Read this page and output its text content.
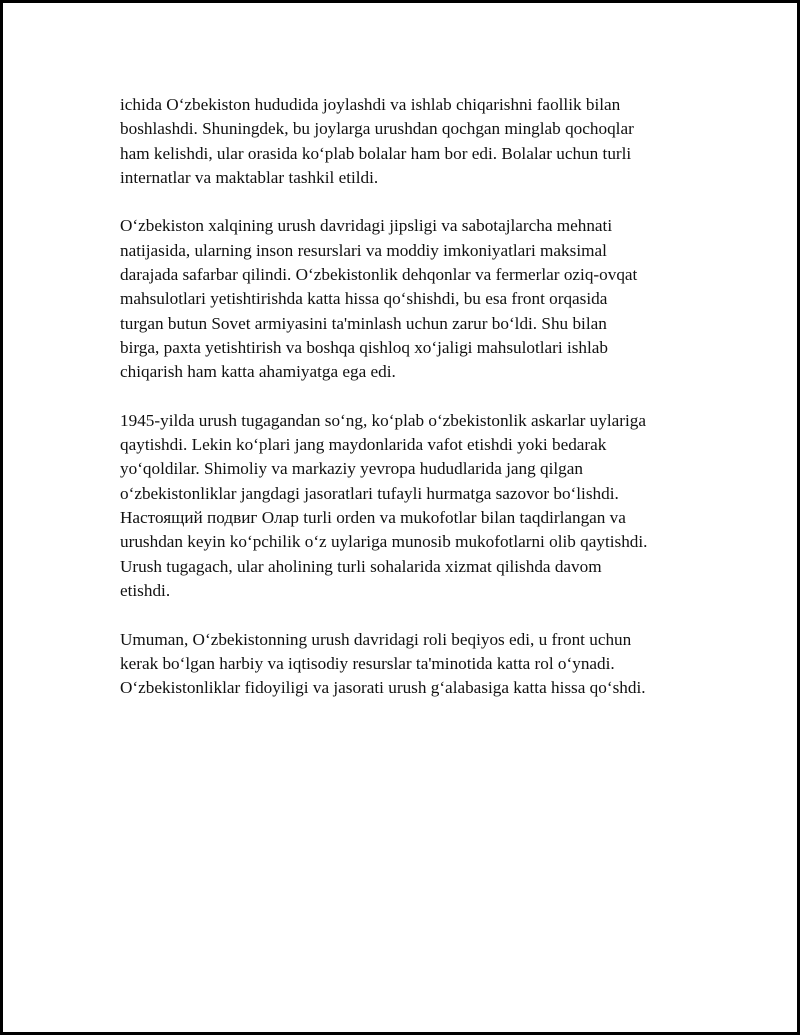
ichida O‘zbekiston hududida joylashdi va ishlab chiqarishni faollik bilan
boshlashdi. Shuningdek, bu joylarga urushdan qochgan minglab qochoqlar
ham kelishdi, ular orasida ko‘plab bolalar ham bor edi. Bolalar uchun turli
internatlar va maktablar tashkil etildi.

O‘zbekiston xalqining urush davridagi jipsligi va sabotajlarcha mehnati
natijasida, ularning inson resurslari va moddiy imkoniyatlari maksimal
darajada safarbar qilindi. O‘zbekistonlik dehqonlar va fermerlar oziq-ovqat
mahsulotlari yetishtirishda katta hissa qo‘shishdi, bu esa front orqasida
turgan butun Sovet armiyasini ta'minlash uchun zarur bo‘ldi. Shu bilan
birga, paxta yetishtirish va boshqa qishloq xo‘jaligi mahsulotlari ishlab
chiqarish ham katta ahamiyatga ega edi.

1945-yilda urush tugagandan so‘ng, ko‘plab o‘zbekistonlik askarlar uylariga
qaytishdi. Lekin ko‘plari jang maydonlarida vafot etishdi yoki bedarak
yo‘qoldilar. Shimoliy va markaziy yevropa hududlarida jang qilgan
o‘zbekistonliklar jangdagi jasoratlari tufayli hurmatga sazovor bo‘lishdi.
Настоящий подвиг Олар turli orden va mukofotlar bilan taqdirlangan va
urushdan keyin ko‘pchilik o‘z uylariga munosib mukofotlarni olib qaytishdi.
Urush tugagach, ular aholining turli sohalarida xizmat qilishda davom
etishdi.

Umuman, O‘zbekistonning urush davridagi roli beqiyos edi, u front uchun
kerak bo‘lgan harbiy va iqtisodiy resurslar ta'minotida katta rol o‘ynadi.
O‘zbekistonliklar fidoyiligi va jasorati urush g‘alabasiga katta hissa qo‘shdi.
